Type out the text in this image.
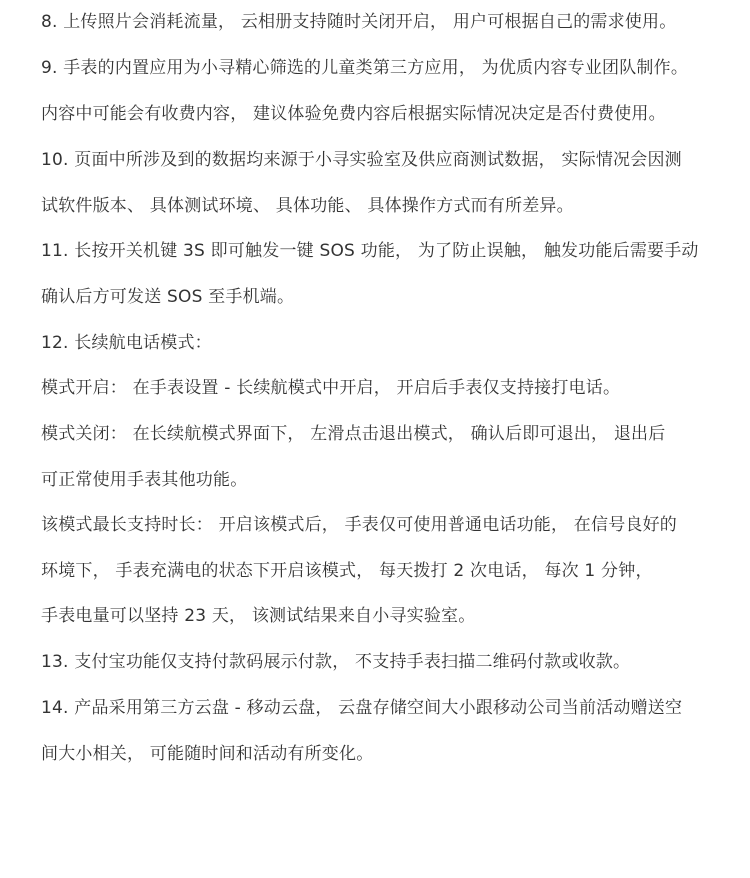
8. 上传照片会消耗流量， 云相册支持随时关闭开启， 用户可根据自己的需求使用。
9. 手表的内置应用为小寻精心筛选的儿童类第三方应用， 为优质内容专业团队制作。
内容中可能会有收费内容， 建议体验免费内容后根据实际情况决定是否付费使用。
10. 页面中所涉及到的数据均来源于小寻实验室及供应商测试数据， 实际情况会因测
试软件版本、 具体测试环境、 具体功能、 具体操作方式而有所差异。
11. 长按开关机键 3S 即可触发一键 SOS 功能， 为了防止误触， 触发功能后需要手动
确认后方可发送 SOS 至手机端。
12. 长续航电话模式：
模式开启： 在手表设置 - 长续航模式中开启， 开启后手表仅支持接打电话。
模式关闭： 在长续航模式界面下， 左滑点击退出模式， 确认后即可退出， 退出后
可正常使用手表其他功能。
该模式最长支持时长： 开启该模式后， 手表仅可使用普通电话功能， 在信号良好的
环境下， 手表充满电的状态下开启该模式， 每天拨打 2 次电话， 每次 1 分钟，
手表电量可以坚持 23 天， 该测试结果来自小寻实验室。
13. 支付宝功能仅支持付款码展示付款， 不支持手表扫描二维码付款或收款。
14. 产品采用第三方云盘 - 移动云盘， 云盘存储空间大小跟移动公司当前活动赠送空
间大小相关， 可能随时间和活动有所变化。
